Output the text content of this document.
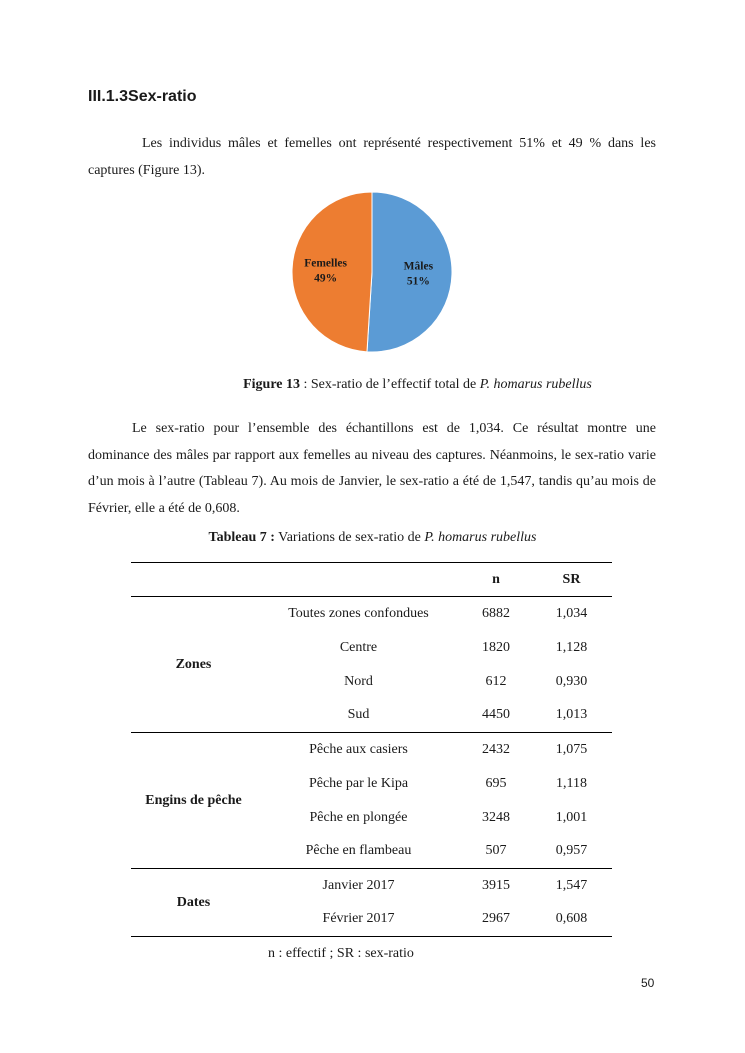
III.1.3Sex-ratio
Les individus mâles et femelles ont représenté respectivement 51% et 49 % dans les captures (Figure 13).
Mâles
51%
Femelles
49%
Figure 13 : Sex-ratio de l’effectif total de P. homarus rubellus
Le sex-ratio pour l’ensemble des échantillons est de 1,034. Ce résultat montre une dominance des mâles par rapport aux femelles au niveau des captures. Néanmoins, le sex-ratio varie d’un mois à l’autre (Tableau 7). Au mois de Janvier, le sex-ratio a été de 1,547, tandis qu’au mois de Février, elle a été de 0,608.
Tableau 7 : Variations de sex-ratio de P. homarus rubellus
		n	SR
Zones	Toutes zones confondues	6882	1,034
	Centre	1820	1,128
	Nord	612	0,930
	Sud	4450	1,013
Engins de pêche	Pêche aux casiers	2432	1,075
	Pêche par le Kipa	695	1,118
	Pêche en plongée	3248	1,001
	Pêche en flambeau	507	0,957
Dates	Janvier 2017	3915	1,547
	Février 2017	2967	0,608
n : effectif ; SR : sex-ratio
50
